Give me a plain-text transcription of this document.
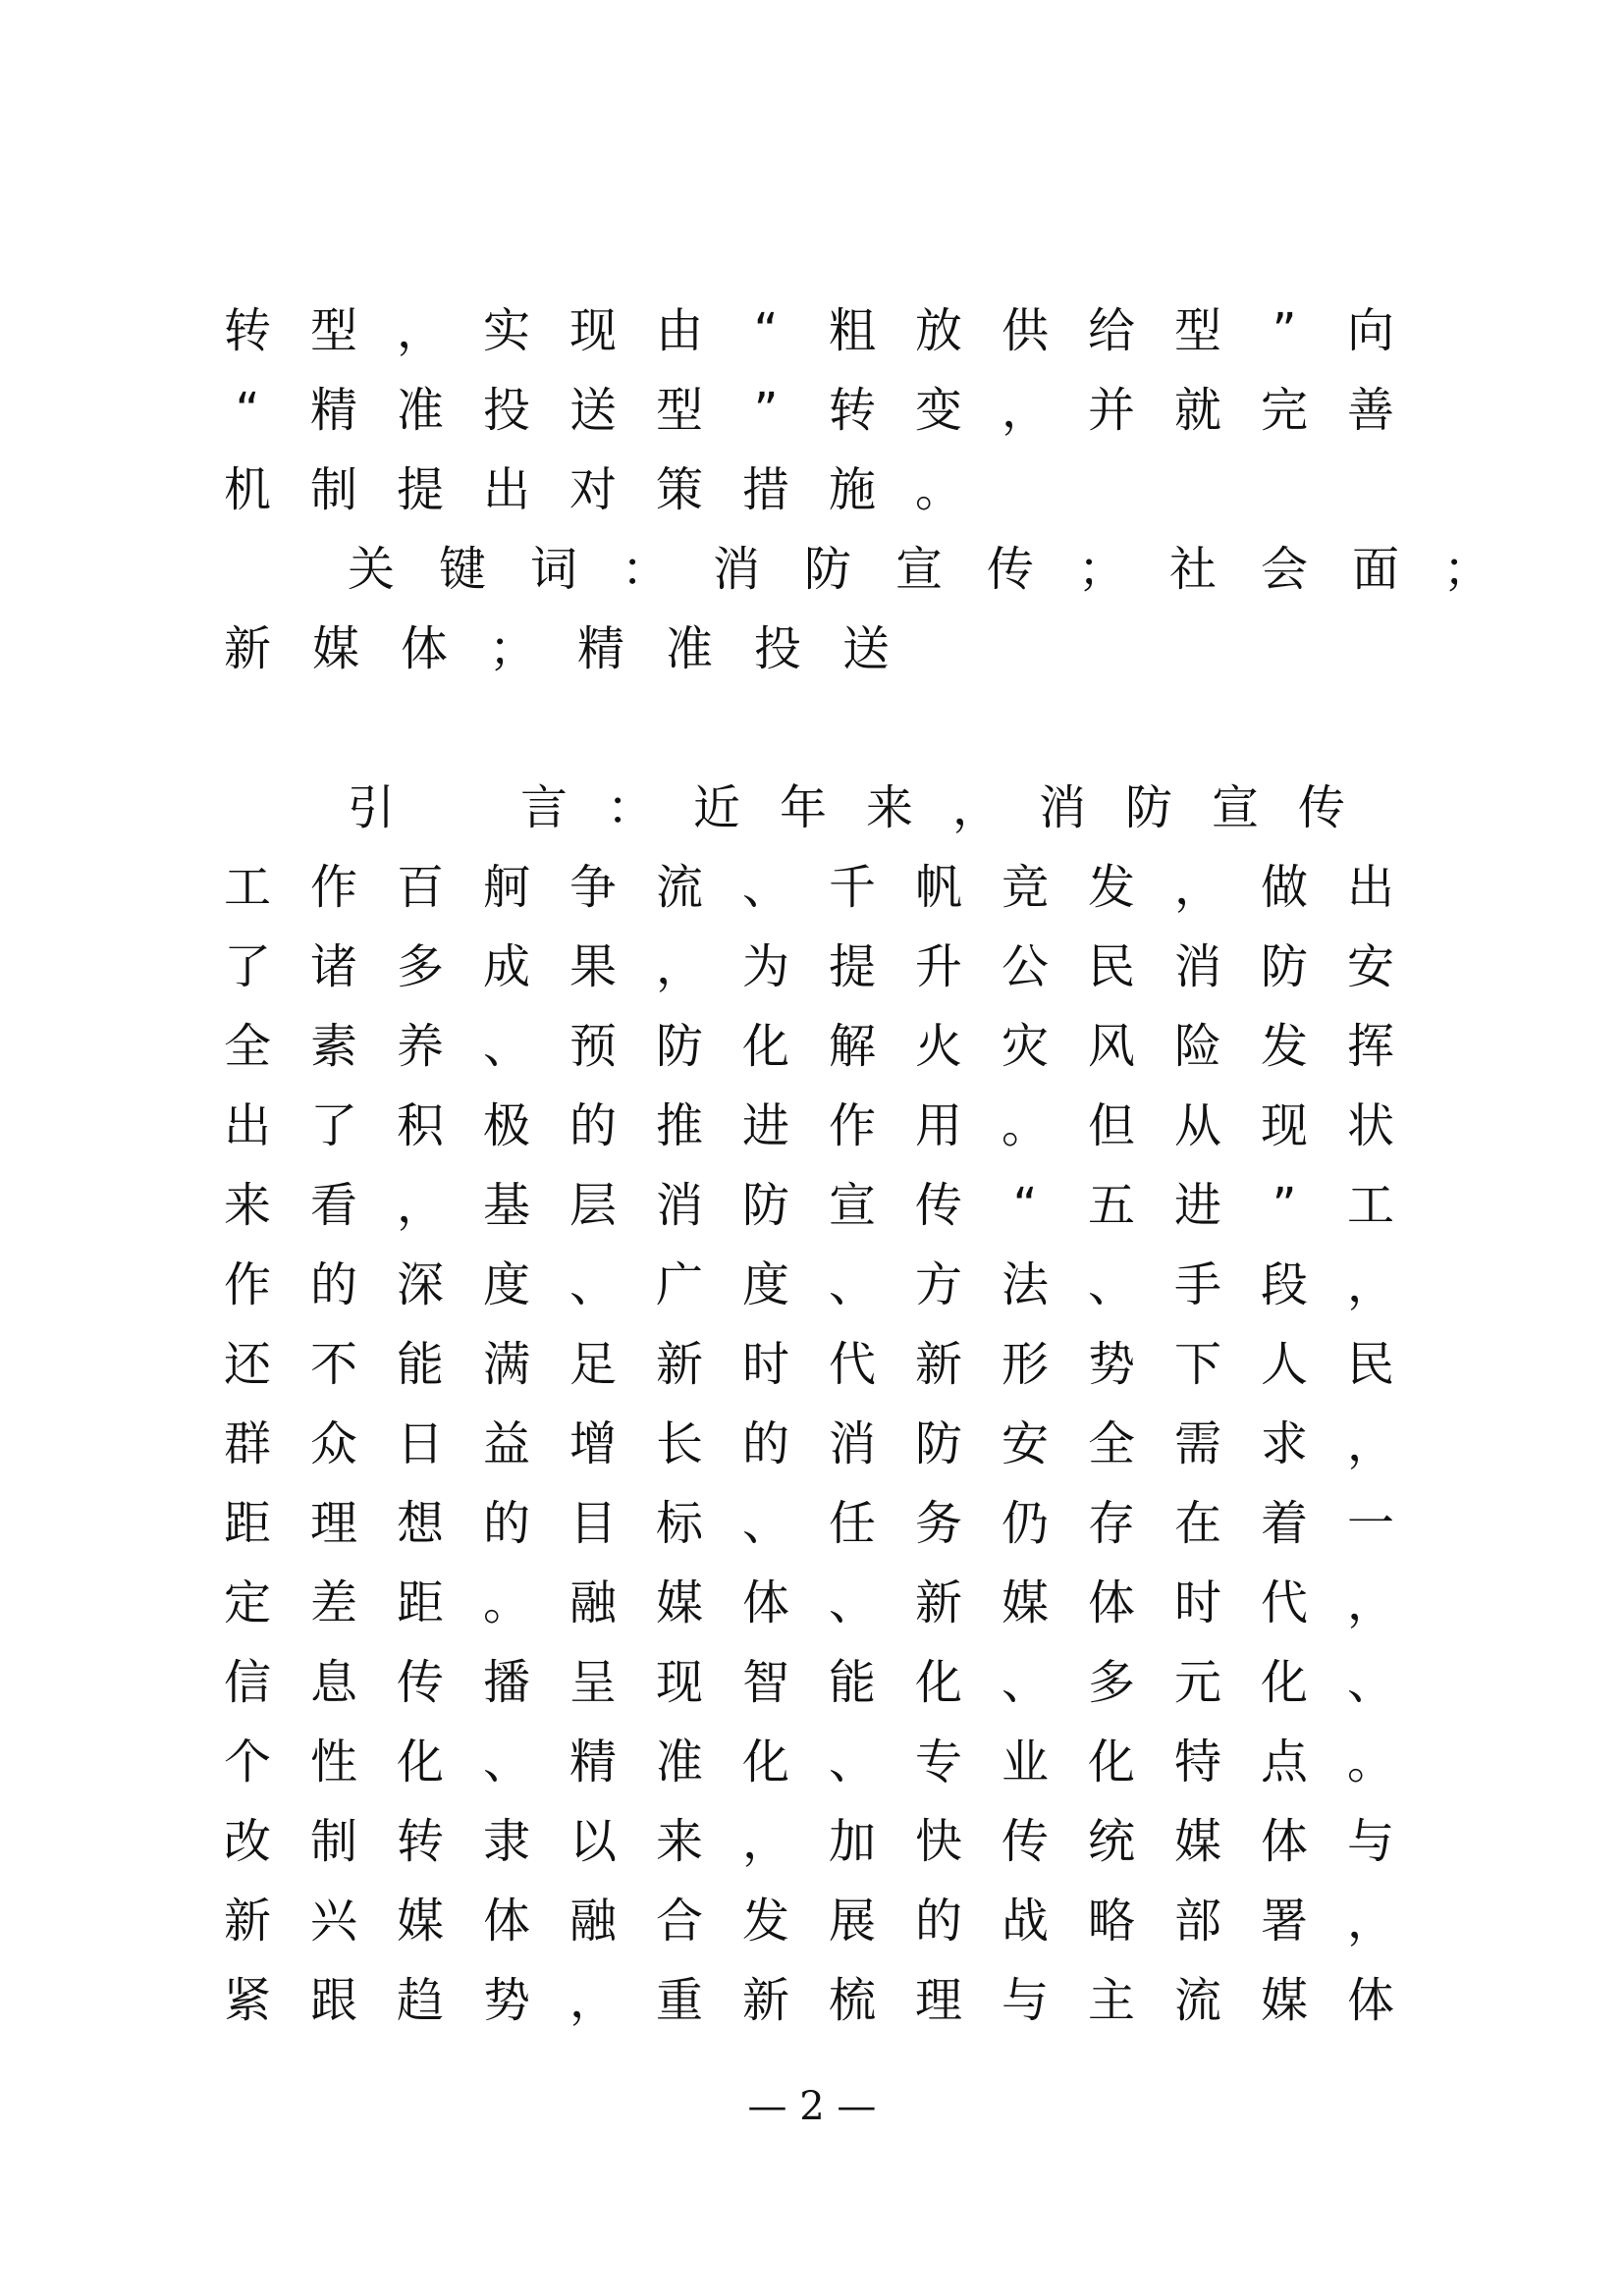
转 型 ， 实 现 由	“	粗 放 供 给 型	”	向
“	精 准 投 送 型	”	转 变 ， 并 就 完 善
机 制 提 出 对 策 措 施 。
关 键 词 ： 消 防 宣 传 ； 社 会 面 ；
新 媒 体 ； 精 准 投 送
引	言 ： 近 年 来 ， 消 防 宣 传
工 作 百 舸 争 流 、 千 帆 竞 发 ， 做 出
了 诸 多 成 果 ， 为 提 升 公 民 消 防 安
全 素 养 、 预 防 化 解 火 灾 风 险 发 挥
出 了 积 极 的 推 进 作 用 。 但 从 现 状
来 看 ， 基 层 消 防 宣 传	“	五 进	”	工
作 的 深 度 、 广 度 、 方 法 、 手 段 ，
还 不 能 满 足 新 时 代 新 形 势 下 人 民
群 众 日 益 增 长 的 消 防 安 全 需 求 ，
距 理 想 的 目 标 、 任 务 仍 存 在 着 一
定 差 距 。 融 媒 体 、 新 媒 体 时 代 ，
信 息 传 播 呈 现 智 能 化 、 多 元 化 、
个 性 化 、 精 准 化 、 专 业 化 特 点 。
改 制 转 隶 以 来 ， 加 快 传 统 媒 体 与
新 兴 媒 体 融 合 发 展 的 战 略 部 署 ，
紧 跟 趋 势 ， 重 新 梳 理 与 主 流 媒 体
— 2 —
